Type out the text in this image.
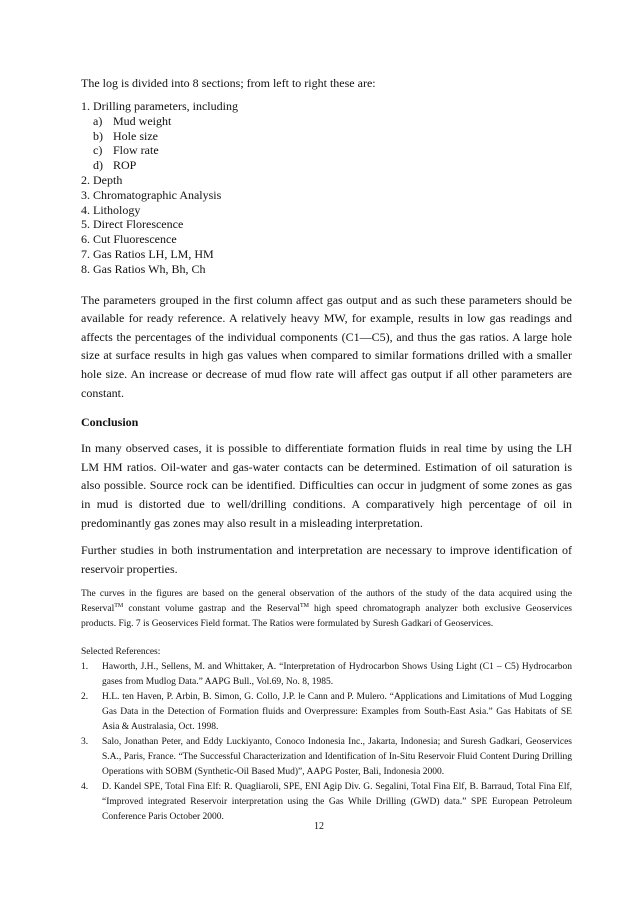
The log is divided into 8 sections; from left to right these are:

1. Drilling parameters, including
a) Mud weight
b) Hole size
c) Flow rate
d) ROP
2. Depth
3. Chromatographic Analysis
4. Lithology
5. Direct Florescence
6. Cut Fluorescence
7. Gas Ratios LH, LM, HM
8. Gas Ratios Wh, Bh, Ch

The parameters grouped in the first column affect gas output and as such these parameters should be available for ready reference. A relatively heavy MW, for example, results in low gas readings and affects the percentages of the individual components (C1—C5), and thus the gas ratios. A large hole size at surface results in high gas values when compared to similar formations drilled with a smaller hole size. An increase or decrease of mud flow rate will affect gas output if all other parameters are constant.

Conclusion

In many observed cases, it is possible to differentiate formation fluids in real time by using the LH LM HM ratios. Oil-water and gas-water contacts can be determined. Estimation of oil saturation is also possible. Source rock can be identified. Difficulties can occur in judgment of some zones as gas in mud is distorted due to well/drilling conditions. A comparatively high percentage of oil in predominantly gas zones may also result in a misleading interpretation.

Further studies in both instrumentation and interpretation are necessary to improve identification of reservoir properties.

The curves in the figures are based on the general observation of the authors of the study of the data acquired using the Reserval™ constant volume gastrap and the Reserval™ high speed chromatograph analyzer both exclusive Geoservices products. Fig. 7 is Geoservices Field format. The Ratios were formulated by Suresh Gadkari of Geoservices.

Selected References:

1.	Haworth, J.H., Sellens, M. and Whittaker, A. “Interpretation of Hydrocarbon Shows Using Light (C1 – C5) Hydrocarbon gases from Mudlog Data.” AAPG Bull., Vol.69, No. 8, 1985.
2.	H.L. ten Haven, P. Arbin, B. Simon, G. Collo, J.P. le Cann and P. Mulero. “Applications and Limitations of Mud Logging Gas Data in the Detection of Formation fluids and Overpressure: Examples from South-East Asia.” Gas Habitats of SE Asia & Australasia, Oct. 1998.
3.	Salo, Jonathan Peter, and Eddy Luckiyanto, Conoco Indonesia Inc., Jakarta, Indonesia; and Suresh Gadkari, Geoservices S.A., Paris, France. “The Successful Characterization and Identification of In-Situ Reservoir Fluid Content During Drilling Operations with SOBM (Synthetic-Oil Based Mud)”, AAPG Poster, Bali, Indonesia 2000.
4.	D. Kandel SPE, Total Fina Elf: R. Quagliaroli, SPE, ENI Agip Div. G. Segalini, Total Fina Elf, B. Barraud, Total Fina Elf, “Improved integrated Reservoir interpretation using the Gas While Drilling (GWD) data.” SPE European Petroleum Conference Paris October 2000.
12
